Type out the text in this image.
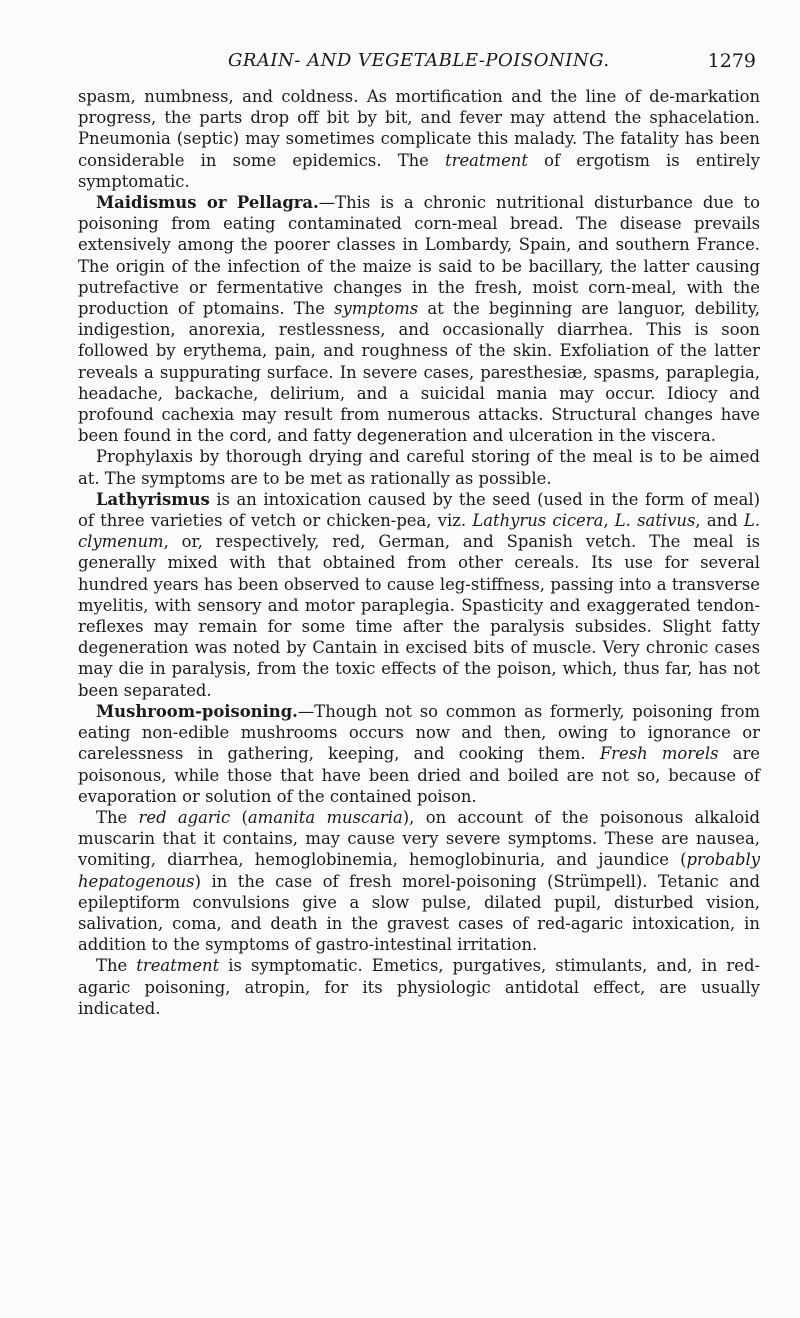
GRAIN- AND VEGETABLE-POISONING.	1279

spasm, numbness, and coldness. As mortification and the line of de-markation progress, the parts drop off bit by bit, and fever may attend the sphacelation. Pneumonia (septic) may sometimes complicate this malady. The fatality has been considerable in some epidemics. The treatment of ergotism is entirely symptomatic.

Maidismus or Pellagra.—This is a chronic nutritional disturbance due to poisoning from eating contaminated corn-meal bread. The disease prevails extensively among the poorer classes in Lombardy, Spain, and southern France. The origin of the infection of the maize is said to be bacillary, the latter causing putrefactive or fermentative changes in the fresh, moist corn-meal, with the production of ptomains. The symptoms at the beginning are languor, debility, indigestion, anorexia, restlessness, and occasionally diarrhea. This is soon followed by erythema, pain, and roughness of the skin. Exfoliation of the latter reveals a suppurating surface. In severe cases, paresthesiæ, spasms, paraplegia, headache, backache, delirium, and a suicidal mania may occur. Idiocy and profound cachexia may result from numerous attacks. Structural changes have been found in the cord, and fatty degeneration and ulceration in the viscera.

Prophylaxis by thorough drying and careful storing of the meal is to be aimed at. The symptoms are to be met as rationally as possible.

Lathyrismus is an intoxication caused by the seed (used in the form of meal) of three varieties of vetch or chicken-pea, viz. Lathyrus cicera, L. sativus, and L. clymenum, or, respectively, red, German, and Spanish vetch. The meal is generally mixed with that obtained from other cereals. Its use for several hundred years has been observed to cause leg-stiffness, passing into a transverse myelitis, with sensory and motor paraplegia. Spasticity and exaggerated tendon-reflexes may remain for some time after the paralysis subsides. Slight fatty degeneration was noted by Cantain in excised bits of muscle. Very chronic cases may die in paralysis, from the toxic effects of the poison, which, thus far, has not been separated.

Mushroom-poisoning.—Though not so common as formerly, poisoning from eating non-edible mushrooms occurs now and then, owing to ignorance or carelessness in gathering, keeping, and cooking them. Fresh morels are poisonous, while those that have been dried and boiled are not so, because of evaporation or solution of the contained poison.

The red agaric (amanita muscaria), on account of the poisonous alkaloid muscarin that it contains, may cause very severe symptoms. These are nausea, vomiting, diarrhea, hemoglobinemia, hemoglobinuria, and jaundice (probably hepatogenous) in the case of fresh morel-poisoning (Strümpell). Tetanic and epileptiform convulsions give a slow pulse, dilated pupil, disturbed vision, salivation, coma, and death in the gravest cases of red-agaric intoxication, in addition to the symptoms of gastro-intestinal irritation.

The treatment is symptomatic. Emetics, purgatives, stimulants, and, in red-agaric poisoning, atropin, for its physiologic antidotal effect, are usually indicated.
